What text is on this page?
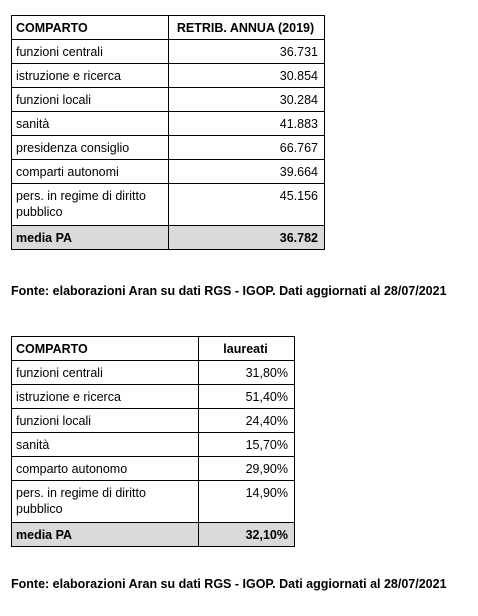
COMPARTO	RETRIB. ANNUA (2019)
funzioni centrali	36.731
istruzione e ricerca	30.854
funzioni locali	30.284
sanità	41.883
presidenza consiglio	66.767
comparti autonomi	39.664
pers. in regime di diritto pubblico	45.156
media PA	36.782
Fonte: elaborazioni Aran su dati RGS - IGOP. Dati aggiornati al 28/07/2021
COMPARTO	laureati
funzioni centrali	31,80%
istruzione e ricerca	51,40%
funzioni locali	24,40%
sanità	15,70%
comparto autonomo	29,90%
pers. in regime di diritto pubblico	14,90%
media PA	32,10%
Fonte: elaborazioni Aran su dati RGS - IGOP. Dati aggiornati al 28/07/2021
